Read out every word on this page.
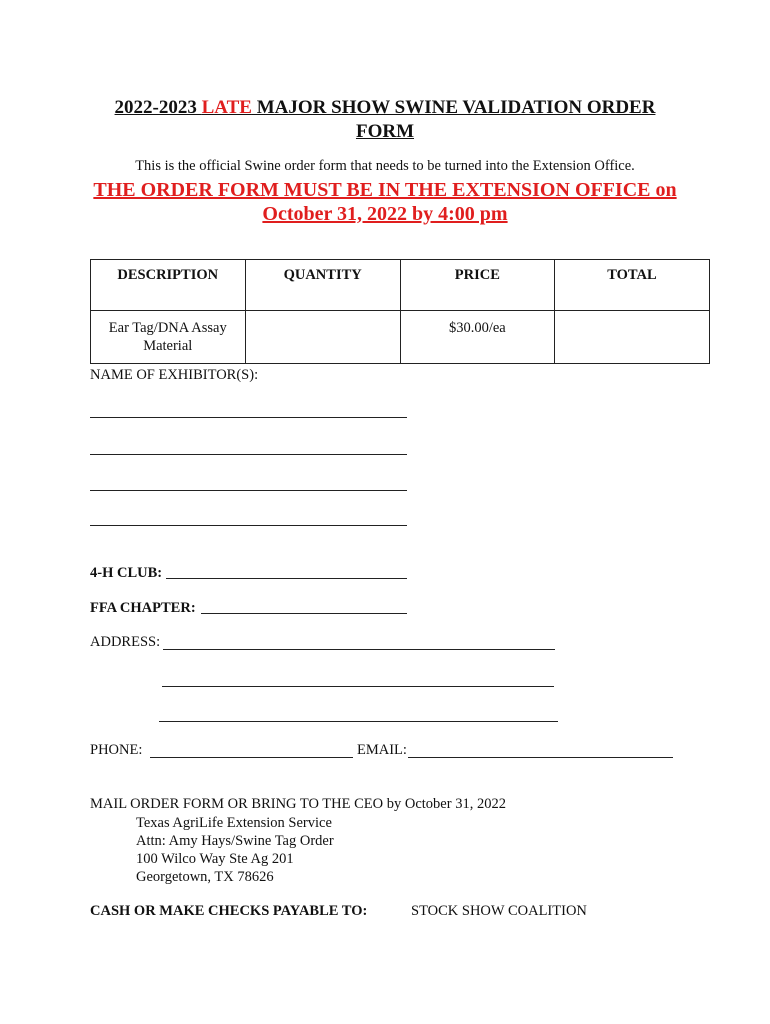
2022-2023 LATE MAJOR SHOW SWINE VALIDATION ORDER
FORM
This is the official Swine order form that needs to be turned into the Extension Office.
THE ORDER FORM MUST BE IN THE EXTENSION OFFICE on
October 31, 2022 by 4:00 pm
DESCRIPTION	QUANTITY	PRICE	TOTAL

Ear Tag/DNA Assay
Material		$30.00/ea	
NAME OF EXHIBITOR(S):
4-H CLUB:
FFA CHAPTER:
ADDRESS:
PHONE:	EMAIL:
MAIL ORDER FORM OR BRING TO THE CEO by October 31, 2022
Texas AgriLife Extension Service
Attn: Amy Hays/Swine Tag Order
100 Wilco Way Ste Ag 201
Georgetown, TX 78626
CASH OR MAKE CHECKS PAYABLE TO:	STOCK SHOW COALITION
